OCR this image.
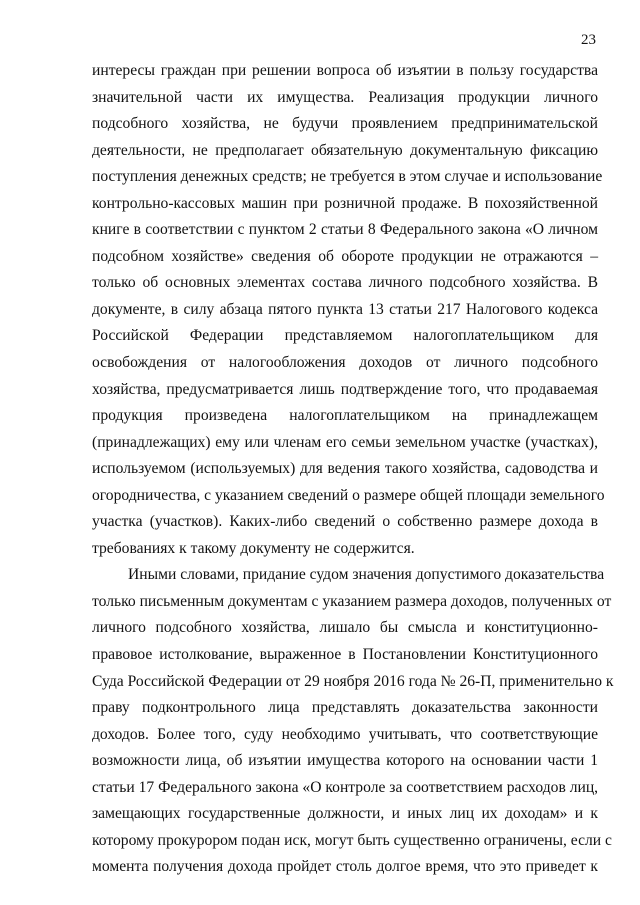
23
интересы граждан при решении вопроса об изъятии в пользу государства
значительной части их имущества. Реализация продукции личного
подсобного хозяйства, не будучи проявлением предпринимательской
деятельности, не предполагает обязательную документальную фиксацию
поступления денежных средств; не требуется в этом случае и использование
контрольно-кассовых машин при розничной продаже. В похозяйственной
книге в соответствии с пунктом 2 статьи 8 Федерального закона «О личном
подсобном хозяйстве» сведения об обороте продукции не отражаются –
только об основных элементах состава личного подсобного хозяйства. В
документе, в силу абзаца пятого пункта 13 статьи 217 Налогового кодекса
Российской Федерации представляемом налогоплательщиком для
освобождения от налогообложения доходов от личного подсобного
хозяйства, предусматривается лишь подтверждение того, что продаваемая
продукция произведена налогоплательщиком на принадлежащем
(принадлежащих) ему или членам его семьи земельном участке (участках),
используемом (используемых) для ведения такого хозяйства, садоводства и
огородничества, с указанием сведений о размере общей площади земельного
участка (участков). Каких-либо сведений о собственно размере дохода в
требованиях к такому документу не содержится.
Иными словами, придание судом значения допустимого доказательства
только письменным документам с указанием размера доходов, полученных от
личного подсобного хозяйства, лишало бы смысла и конституционно-
правовое истолкование, выраженное в Постановлении Конституционного
Суда Российской Федерации от 29 ноября 2016 года № 26-П, применительно к
праву подконтрольного лица представлять доказательства законности
доходов. Более того, суду необходимо учитывать, что соответствующие
возможности лица, об изъятии имущества которого на основании части 1
статьи 17 Федерального закона «О контроле за соответствием расходов лиц,
замещающих государственные должности, и иных лиц их доходам» и к
которому прокурором подан иск, могут быть существенно ограничены, если с
момента получения дохода пройдет столь долгое время, что это приведет к
